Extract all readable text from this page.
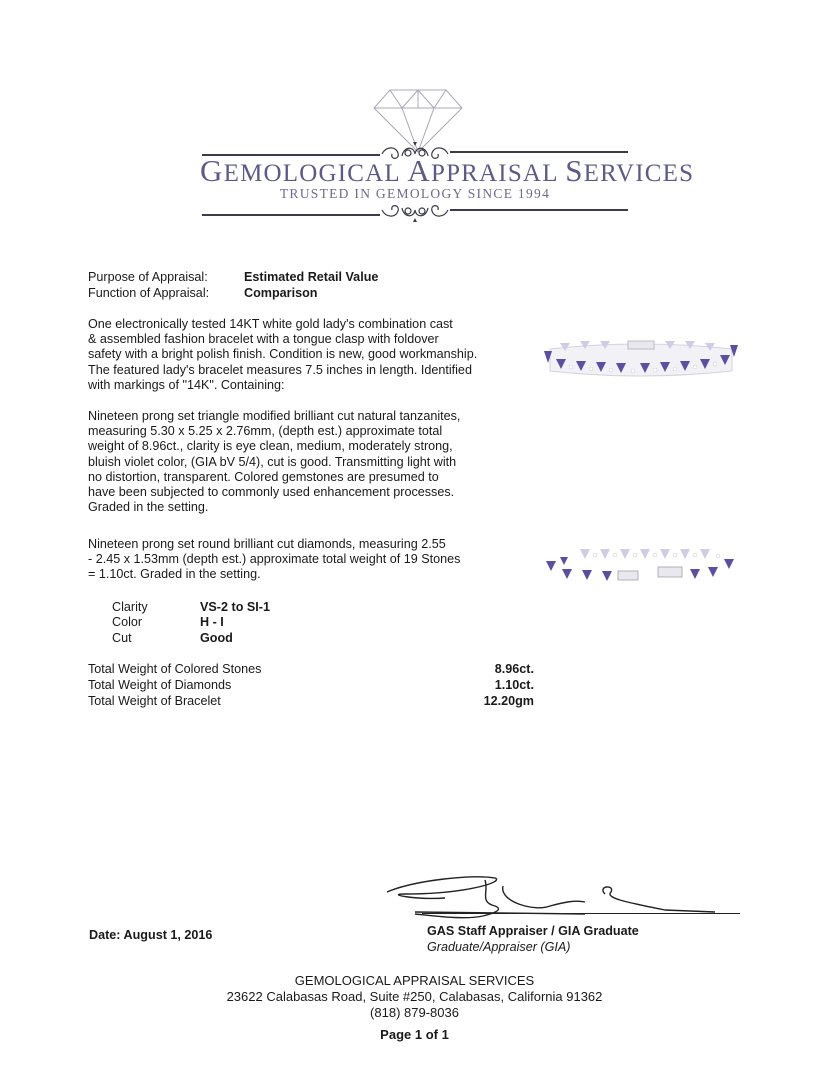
GEMOLOGICAL APPRAISAL SERVICES
TRUSTED IN GEMOLOGY SINCE 1994
Purpose of Appraisal:	Estimated Retail Value
Function of Appraisal:	Comparison
One electronically tested 14KT white gold lady's combination cast
& assembled fashion bracelet with a tongue clasp with foldover
safety with a bright polish finish. Condition is new, good workmanship.
The featured lady's bracelet measures 7.5 inches in length. Identified
with markings of "14K". Containing:
Nineteen prong set triangle modified brilliant cut natural tanzanites,
measuring 5.30 x 5.25 x 2.76mm, (depth est.) approximate total
weight of 8.96ct., clarity is eye clean, medium, moderately strong,
bluish violet color, (GIA bV 5/4), cut is good. Transmitting light with
no distortion, transparent. Colored gemstones are presumed to
have been subjected to commonly used enhancement processes.
Graded in the setting.
Nineteen prong set round brilliant cut diamonds, measuring 2.55
- 2.45 x 1.53mm (depth est.) approximate total weight of 19 Stones
= 1.10ct. Graded in the setting.
Clarity	VS-2 to SI-1
Color	H - I
Cut	Good
Total Weight of Colored Stones	8.96ct.
Total Weight of Diamonds	1.10ct.
Total Weight of Bracelet	12.20gm
Date: August 1, 2016	GAS Staff Appraiser / GIA Graduate
Graduate/Appraiser (GIA)
GEMOLOGICAL APPRAISAL SERVICES
23622 Calabasas Road, Suite #250, Calabasas, California 91362
(818) 879-8036
Page 1 of 1
